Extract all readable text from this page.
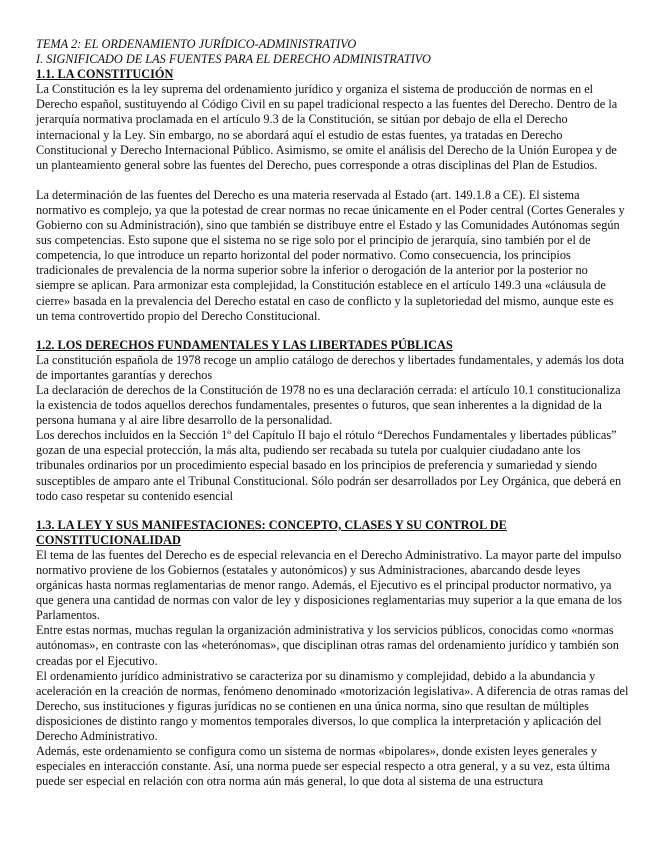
TEMA 2: EL ORDENAMIENTO JURÍDICO-ADMINISTRATIVO
I. SIGNIFICADO DE LAS FUENTES PARA EL DERECHO ADMINISTRATIVO
1.1. LA CONSTITUCIÓN

La Constitución es la ley suprema del ordenamiento jurídico y organiza el sistema de producción de normas en el Derecho español, sustituyendo al Código Civil en su papel tradicional respecto a las fuentes del Derecho. Dentro de la jerarquía normativa proclamada en el artículo 9.3 de la Constitución, se sitúan por debajo de ella el Derecho internacional y la Ley. Sin embargo, no se abordará aquí el estudio de estas fuentes, ya tratadas en Derecho Constitucional y Derecho Internacional Público. Asimismo, se omite el análisis del Derecho de la Unión Europea y de un planteamiento general sobre las fuentes del Derecho, pues corresponde a otras disciplinas del Plan de Estudios.

La determinación de las fuentes del Derecho es una materia reservada al Estado (art. 149.1.8 a CE). El sistema normativo es complejo, ya que la potestad de crear normas no recae únicamente en el Poder central (Cortes Generales y Gobierno con su Administración), sino que también se distribuye entre el Estado y las Comunidades Autónomas según sus competencias. Esto supone que el sistema no se rige solo por el principio de jerarquía, sino también por el de competencia, lo que introduce un reparto horizontal del poder normativo. Como consecuencia, los principios tradicionales de prevalencia de la norma superior sobre la inferior o derogación de la anterior por la posterior no siempre se aplican. Para armonizar esta complejidad, la Constitución establece en el artículo 149.3 una «cláusula de cierre» basada en la prevalencia del Derecho estatal en caso de conflicto y la supletoriedad del mismo, aunque este es un tema controvertido propio del Derecho Constitucional.

1.2. LOS DERECHOS FUNDAMENTALES Y LAS LIBERTADES PÚBLICAS

La constitución española de 1978 recoge un amplio catálogo de derechos y libertades fundamentales, y además los dota de importantes garantías y derechos

La declaración de derechos de la Constitución de 1978 no es una declaración cerrada: el artículo 10.1 constitucionaliza la existencia de todos aquellos derechos fundamentales, presentes o futuros, que sean inherentes a la dignidad de la persona humana y al aire libre desarrollo de la personalidad.

Los derechos incluidos en la Sección 1º del Capítulo II bajo el rótulo “Derechos Fundamentales y libertades públicas” gozan de una especial protección, la más alta, pudiendo ser recabada su tutela por cualquier ciudadano ante los tribunales ordinarios por un procedimiento especial basado en los principios de preferencia y sumariedad y siendo susceptibles de amparo ante el Tribunal Constitucional. Sólo podrán ser desarrollados por Ley Orgánica, que deberá en todo caso respetar su contenido esencial

1.3. LA LEY Y SUS MANIFESTACIONES: CONCEPTO, CLASES Y SU CONTROL DE CONSTITUCIONALIDAD

El tema de las fuentes del Derecho es de especial relevancia en el Derecho Administrativo. La mayor parte del impulso normativo proviene de los Gobiernos (estatales y autonómicos) y sus Administraciones, abarcando desde leyes orgánicas hasta normas reglamentarias de menor rango. Además, el Ejecutivo es el principal productor normativo, ya que genera una cantidad de normas con valor de ley y disposiciones reglamentarias muy superior a la que emana de los Parlamentos.

Entre estas normas, muchas regulan la organización administrativa y los servicios públicos, conocidas como «normas autónomas», en contraste con las «heterónomas», que disciplinan otras ramas del ordenamiento jurídico y también son creadas por el Ejecutivo.

El ordenamiento jurídico administrativo se caracteriza por su dinamismo y complejidad, debido a la abundancia y aceleración en la creación de normas, fenómeno denominado «motorización legislativa». A diferencia de otras ramas del Derecho, sus instituciones y figuras jurídicas no se contienen en una única norma, sino que resultan de múltiples disposiciones de distinto rango y momentos temporales diversos, lo que complica la interpretación y aplicación del Derecho Administrativo.

Además, este ordenamiento se configura como un sistema de normas «bipolares», donde existen leyes generales y especiales en interacción constante. Así, una norma puede ser especial respecto a otra general, y a su vez, esta última puede ser especial en relación con otra norma aún más general, lo que dota al sistema de una estructura
